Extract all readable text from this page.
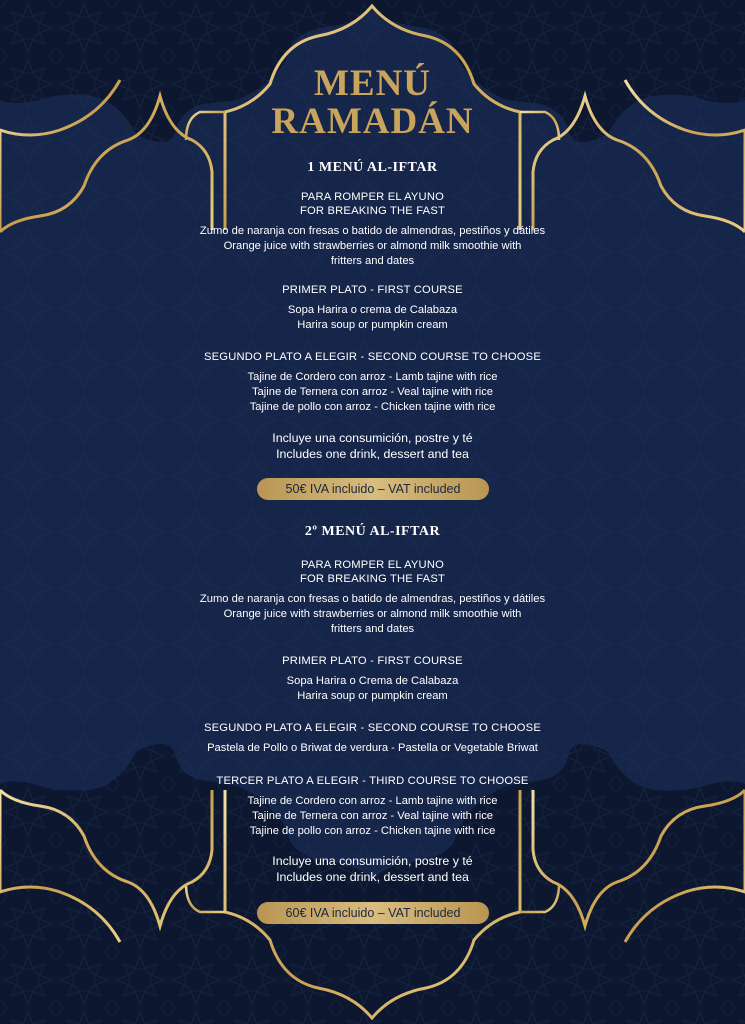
MENÚ
RAMADÁN
1 MENÚ AL-IFTAR
PARA ROMPER EL AYUNO
FOR BREAKING THE FAST
Zumo de naranja con fresas o batido de almendras, pestiños y dátiles
Orange juice with strawberries or almond milk smoothie with
fritters and dates
PRIMER PLATO - FIRST COURSE
Sopa Harira o crema de Calabaza
Harira soup or pumpkin cream
SEGUNDO PLATO A ELEGIR - SECOND COURSE TO CHOOSE
Tajine de Cordero con arroz - Lamb tajine with rice
Tajine de Ternera con arroz - Veal tajine with rice
Tajine de pollo con arroz - Chicken tajine with rice
Incluye una consumición, postre y té
Includes one drink, dessert and tea
50€ IVA incluido – VAT included
2º MENÚ AL-IFTAR
PARA ROMPER EL AYUNO
FOR BREAKING THE FAST
Zumo de naranja con fresas o batido de almendras, pestiños y dátiles
Orange juice with strawberries or almond milk smoothie with
fritters and dates
PRIMER PLATO - FIRST COURSE
Sopa Harira o Crema de Calabaza
Harira soup or pumpkin cream
SEGUNDO PLATO A ELEGIR - SECOND COURSE TO CHOOSE
Pastela de Pollo o Briwat de verdura - Pastella or Vegetable Briwat
TERCER PLATO A ELEGIR - THIRD COURSE TO CHOOSE
Tajine de Cordero con arroz - Lamb tajine with rice
Tajine de Ternera con arroz - Veal tajine with rice
Tajine de pollo con arroz - Chicken tajine with rice
Incluye una consumición, postre y té
Includes one drink, dessert and tea
60€ IVA incluido – VAT included
